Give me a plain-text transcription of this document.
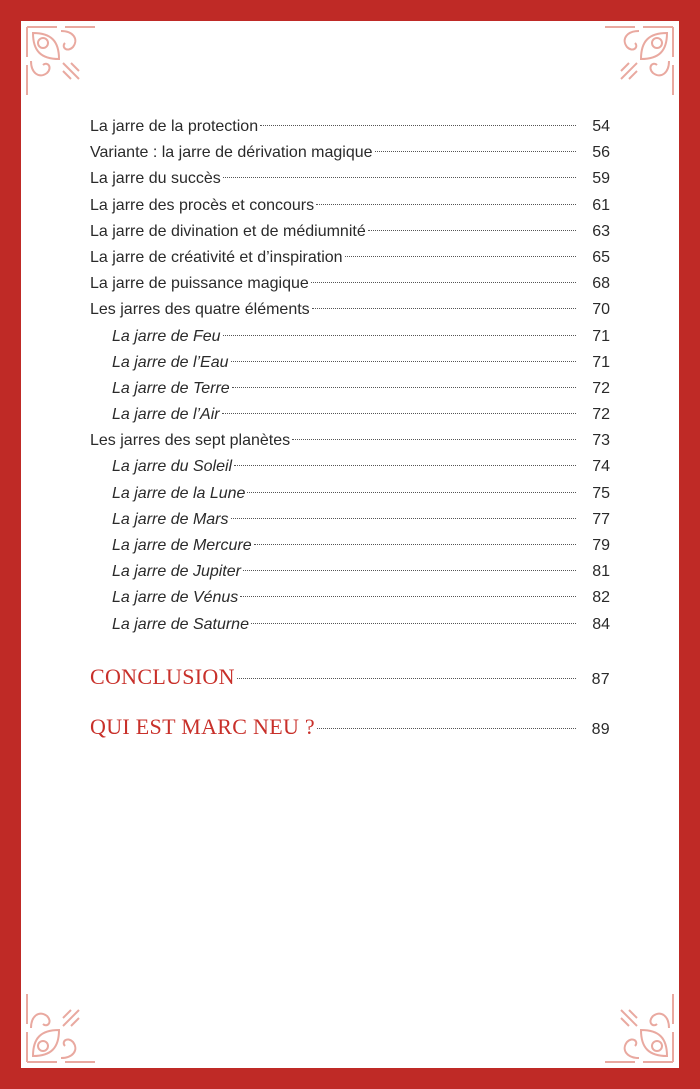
La jarre de la protection	54
Variante : la jarre de dérivation magique	56
La jarre du succès	59
La jarre des procès et concours	61
La jarre de divination et de médiumnité	63
La jarre de créativité et d’inspiration	65
La jarre de puissance magique	68
Les jarres des quatre éléments	70
La jarre de Feu	71
La jarre de l’Eau	71
La jarre de Terre	72
La jarre de l’Air	72
Les jarres des sept planètes	73
La jarre du Soleil	74
La jarre de la Lune	75
La jarre de Mars	77
La jarre de Mercure	79
La jarre de Jupiter	81
La jarre de Vénus	82
La jarre de Saturne	84
CONCLUSION	87
QUI EST MARC NEU ?	89
